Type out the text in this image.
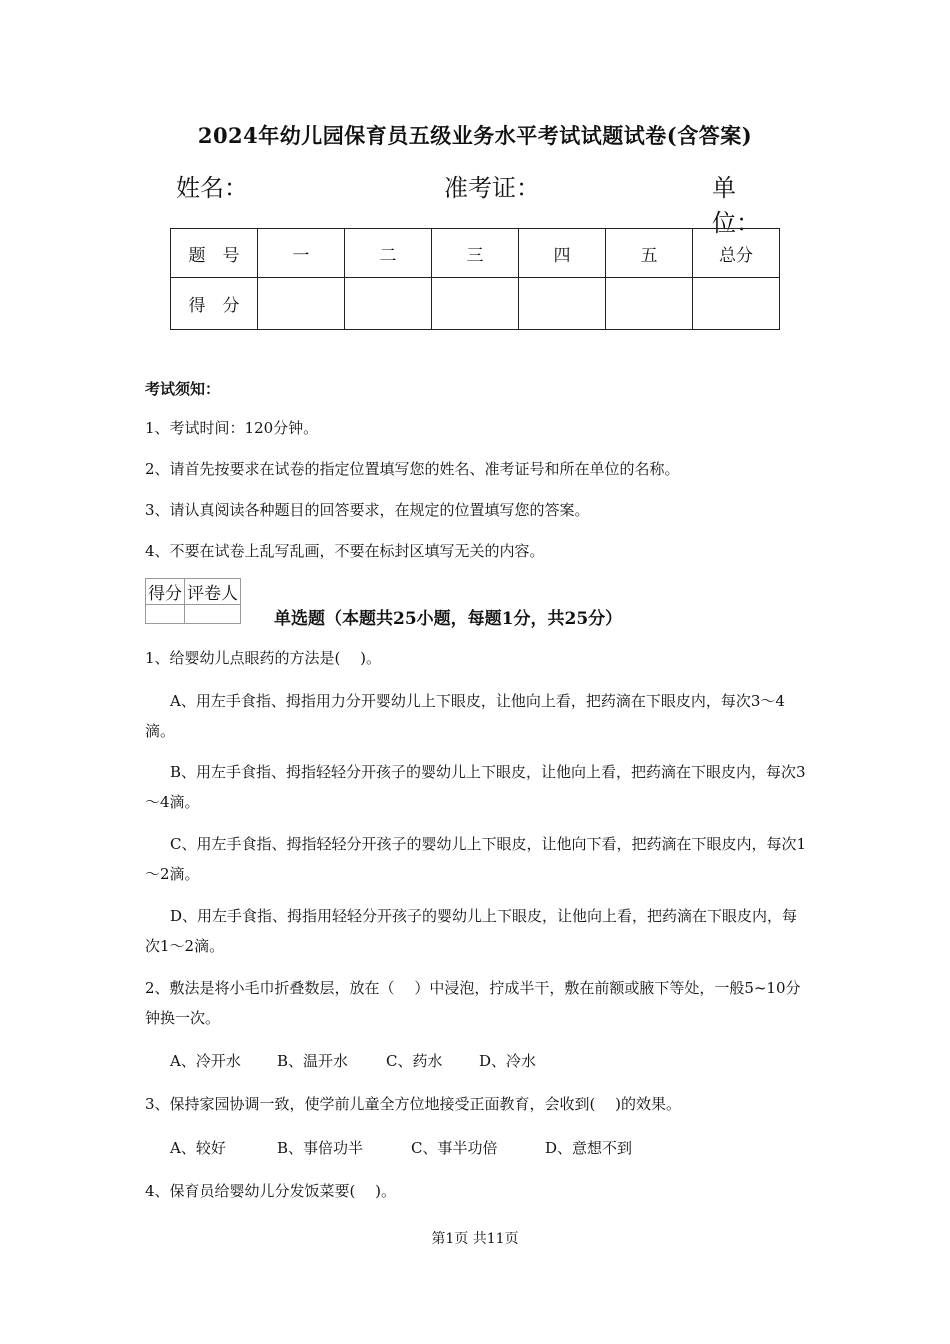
2024年幼儿园保育员五级业务水平考试试题试卷(含答案)
姓名：	准考证：	单位：
题　号	一	二	三	四	五	总分
得　分						
考试须知：
1、考试时间：120分钟。
2、请首先按要求在试卷的指定位置填写您的姓名、准考证号和所在单位的名称。
3、请认真阅读各种题目的回答要求，在规定的位置填写您的答案。
4、不要在试卷上乱写乱画，不要在标封区填写无关的内容。
得分	评卷人

单选题（本题共25小题，每题1分，共25分）
1、给婴幼儿点眼药的方法是(　 )。
A、用左手食指、拇指用力分开婴幼儿上下眼皮，让他向上看，把药滴在下眼皮内，每次3～4滴。
B、用左手食指、拇指轻轻分开孩子的婴幼儿上下眼皮，让他向上看，把药滴在下眼皮内，每次3～4滴。
C、用左手食指、拇指轻轻分开孩子的婴幼儿上下眼皮，让他向下看，把药滴在下眼皮内，每次1～2滴。
D、用左手食指、拇指用轻轻分开孩子的婴幼儿上下眼皮，让他向上看，把药滴在下眼皮内，每次1～2滴。
2、敷法是将小毛巾折叠数层，放在（　 ）中浸泡，拧成半干，敷在前额或腋下等处，一般5~10分钟换一次。
A、冷开水 B、温开水	C、药水 D、冷水
3、保持家园协调一致，使学前儿童全方位地接受正面教育，会收到(　 )的效果。
A、较好	B、事倍功半	C、事半功倍	D、意想不到
4、保育员给婴幼儿分发饭菜要(　 )。
第1页 共11页
